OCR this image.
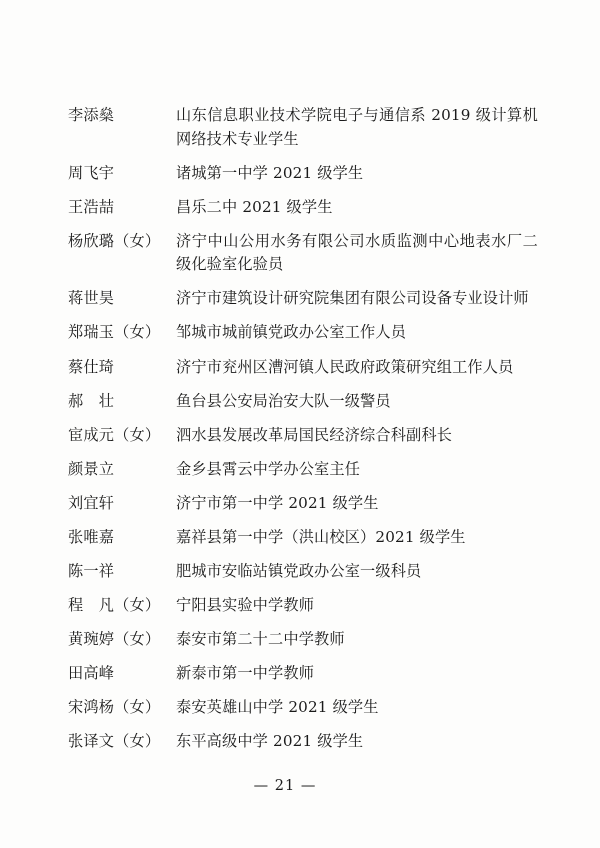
李添燊	山东信息职业技术学院电子与通信系 2019 级计算机网络技术专业学生
周飞宇	诸城第一中学 2021 级学生
王浩喆	昌乐二中 2021 级学生
杨欣璐（女）	济宁中山公用水务有限公司水质监测中心地表水厂二级化验室化验员
蒋世昊	济宁市建筑设计研究院集团有限公司设备专业设计师
郑瑞玉（女）	邹城市城前镇党政办公室工作人员
蔡仕琦	济宁市兖州区漕河镇人民政府政策研究组工作人员
郝　壮	鱼台县公安局治安大队一级警员
宦成元（女）	泗水县发展改革局国民经济综合科副科长
颜景立	金乡县霄云中学办公室主任
刘宜轩	济宁市第一中学 2021 级学生
张唯嘉	嘉祥县第一中学（洪山校区）2021 级学生
陈一祥	肥城市安临站镇党政办公室一级科员
程　凡（女）	宁阳县实验中学教师
黄琬婷（女）	泰安市第二十二中学教师
田高峰	新泰市第一中学教师
宋鸿杨（女）	泰安英雄山中学 2021 级学生
张译文（女）	东平高级中学 2021 级学生
— 21 —
